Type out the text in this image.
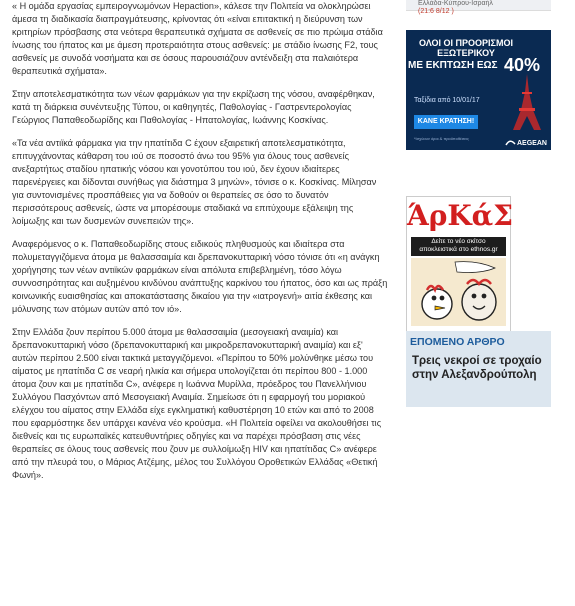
« Η ομάδα εργασίας εμπειρογνωμόνων Hepaction», κάλεσε την Πολιτεία να ολοκληρώσει άμεσα τη διαδικασία διαπραγμάτευσης, κρίνοντας ότι «είναι επιτακτική η διεύρυνση των κριτηρίων πρόσβασης στα νεότερα θεραπευτικά σχήματα σε ασθενείς σε πιο πρώιμα στάδια ίνωσης του ήπατος και με άμεση προτεραιότητα στους ασθενείς: με στάδιο ίνωσης F2, τους ασθενείς με συνοδά νοσήματα και σε όσους παρουσιάζουν αντένδειξη στα παλαιότερα θεραπευτικά σχήματα».

Στην αποτελεσματικότητα των νέων φαρμάκων για την εκρίζωση της νόσου, αναφέρθηκαν, κατά τη διάρκεια συνέντευξης Τύπου, οι καθηγητές, Παθολογίας - Γαστρεντερολογίας Γεώργιος Παπαθεοδωρίδης και Παθολογίας - Ηπατολογίας, Ιωάννης Κοσκίνας.

«Τα νέα αντιϊκά φάρμακα για την ηπατίτιδα C έχουν εξαιρετική αποτελεσματικότητα, επιτυγχάνοντας κάθαρση του ιού σε ποσοστό άνω του 95% για όλους τους ασθενείς ανεξαρτήτως σταδίου ηπατικής νόσου και γονοτύπου του ιού, δεν έχουν ιδιαίτερες παρενέργειες και δίδονται συνήθως για διάστημα 3 μηνών», τόνισε ο κ. Κοσκίνας. Μίλησαν για συντονισμένες προσπάθειες για να δοθούν οι θεραπείες σε όσο το δυνατόν περισσότερους ασθενείς, ώστε να μπορέσουμε σταδιακά να επιτύχουμε εξάλειψη της λοίμωξης και των δυσμενών συνεπειών της».

Αναφερόμενος ο κ. Παπαθεοδωρίδης στους ειδικούς πληθυσμούς και ιδιαίτερα στα πολυμεταγγιζόμενα άτομα με θαλασσαιμία και δρεπανοκυτταρική νόσο τόνισε ότι «η ανάγκη χορήγησης των νέων αντιϊκών φαρμάκων είναι απόλυτα επιβεβλημένη, τόσο λόγω συννοσηρότητας και αυξημένου κινδύνου ανάπτυξης καρκίνου του ήπατος, όσο και ως πράξη κοινωνικής ευαισθησίας και αποκατάστασης δικαίου για την «ιατρογενή» αιτία έκθεσης και μόλυνσης των ατόμων αυτών από τον ιό».

Στην Ελλάδα ζουν περίπου 5.000 άτομα με θαλασσαιμία (μεσογειακή αναιμία) και δρεπανοκυτταρική νόσο (δρεπανοκυτταρική και μικροδρεπανοκυτταρική αναιμία) και εξ' αυτών περίπου 2.500 είναι τακτικά μεταγγιζόμενοι. «Περίπου το 50% μολύνθηκε μέσω του αίματος με ηπατίτιδα C σε νεαρή ηλικία και σήμερα υπολογίζεται ότι περίπου 800 - 1.000 άτομα ζουν και με ηπατίτιδα C», ανέφερε η Ιωάννα Μυρίλλα, πρόεδρος του Πανελλήνιου Συλλόγου Πασχόντων από Μεσογειακή Αναιμία. Σημείωσε ότι η εφαρμογή του μοριακού ελέγχου του αίματος στην Ελλάδα είχε εγκληματική καθυστέρηση 10 ετών και από το 2008 που εφαρμόστηκε δεν υπάρχει κανένα νέο κρούσμα. «Η Πολιτεία οφείλει να ακολουθήσει τις διεθνείς και τις ευρωπαϊκές κατευθυντήριες οδηγίες και να παρέχει πρόσβαση στις νέες θεραπείες σε όλους τους ασθενείς που ζουν με συλλοίμωξη HIV και ηπατίτιδας C» ανέφερε από την πλευρά του, ο Μάριος Ατζέμης, μέλος του Συλλόγου Οροθετικών Ελλάδας «Θετική Φωνή».

Ελλάδα-Κύπρου-Ισραήλ
(21:6 8/12 )
ΟΛΟΙ ΟΙ ΠΡΟΟΡΙΣΜΟΙ ΕΞΩΤΕΡΙΚΟΥ
ΜΕ ΕΚΠΤΩΣΗ ΕΩΣ 40%
Ταξίδια από 10/01/17
ΚΑΝΕ ΚΡΑΤΗΣΗ!
*Ισχύουν όροι & προϋποθέσεις
AEGEAN
ΆρΚάΣ
Δείτε το νέο σκίτσο
αποκλειστικά στο ethnos.gr
ΕΠΟΜΕΝΟ ΑΡΘΡΟ
Τρεις νεκροί σε τροχαίο στην Αλεξανδρούπολη
